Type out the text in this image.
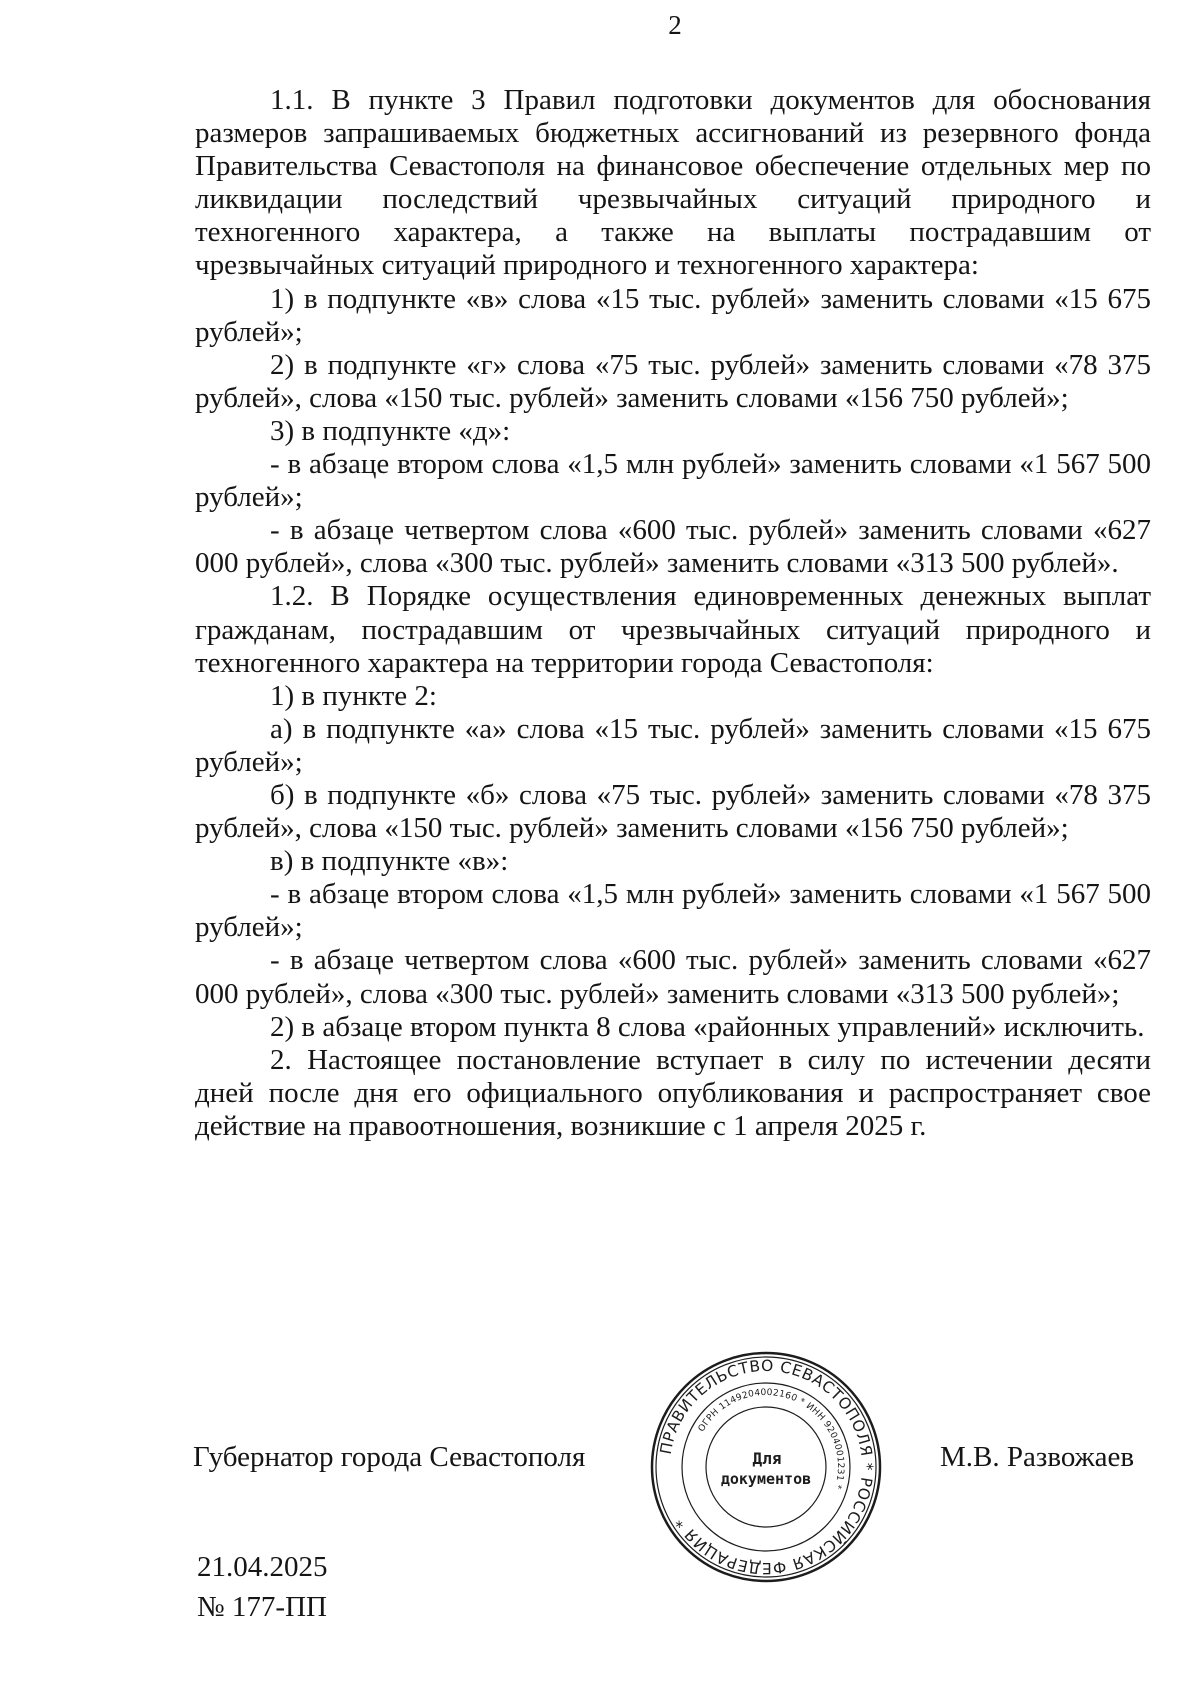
2

1.1. В пункте 3 Правил подготовки документов для обоснования размеров запрашиваемых бюджетных ассигнований из резервного фонда Правительства Севастополя на финансовое обеспечение отдельных мер по ликвидации последствий чрезвычайных ситуаций природного и техногенного характера, а также на выплаты пострадавшим от чрезвычайных ситуаций природного и техногенного характера:

1) в подпункте «в» слова «15 тыс. рублей» заменить словами «15 675 рублей»;

2) в подпункте «г» слова «75 тыс. рублей» заменить словами «78 375 рублей», слова «150 тыс. рублей» заменить словами «156 750 рублей»;

3) в подпункте «д»:

- в абзаце втором слова «1,5 млн рублей» заменить словами «1 567 500 рублей»;

- в абзаце четвертом слова «600 тыс. рублей» заменить словами «627 000 рублей», слова «300 тыс. рублей» заменить словами «313 500 рублей».

1.2. В Порядке осуществления единовременных денежных выплат гражданам, пострадавшим от чрезвычайных ситуаций природного и техногенного характера на территории города Севастополя:

1) в пункте 2:

а) в подпункте «а» слова «15 тыс. рублей» заменить словами «15 675 рублей»;

б) в подпункте «б» слова «75 тыс. рублей» заменить словами «78 375 рублей», слова «150 тыс. рублей» заменить словами «156 750 рублей»;

в) в подпункте «в»:

- в абзаце втором слова «1,5 млн рублей» заменить словами «1 567 500 рублей»;

- в абзаце четвертом слова «600 тыс. рублей» заменить словами «627 000 рублей», слова «300 тыс. рублей» заменить словами «313 500 рублей»;

2) в абзаце втором пункта 8 слова «районных управлений» исключить.

2. Настоящее постановление вступает в силу по истечении десяти дней после дня его официального опубликования и распространяет свое действие на правоотношения, возникшие с 1 апреля 2025 г.

Губернатор города Севастополя	М.В. Развожаев
ПРАВИТЕЛЬСТВО СЕВАСТОПОЛЯ * РОССИЙСКАЯ ФЕДЕРАЦИЯ *
ОГРН 1149204002160 * ИНН 9204001231 *
Для
документов
21.04.2025
№ 177-ПП
